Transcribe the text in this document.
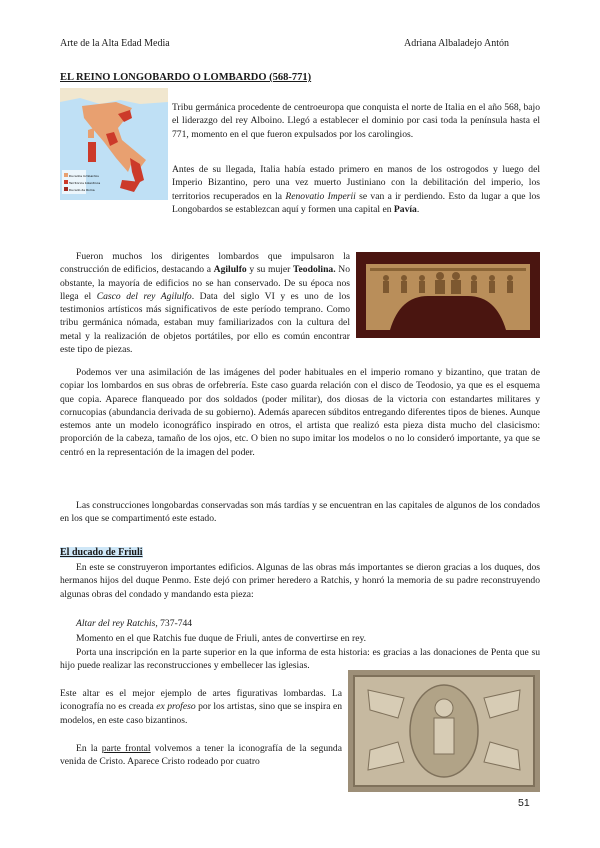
Arte de la Alta Edad Media	Adriana Albaladejo Antón
EL REINO LONGOBARDO O LOMBARDO (568-771)
Ducados lombardos
Territorios bizantinos
Ducado de Roma

Tribu germánica procedente de centroeuropa que conquista el norte de Italia en el año 568, bajo el liderazgo del rey Alboino. Llegó a establecer el dominio por casi toda la península hasta el 771, momento en el que fueron expulsados por los carolingios.

Antes de su llegada, Italia había estado primero en manos de los ostrogodos y luego del Imperio Bizantino, pero una vez muerto Justiniano con la debilitación del imperio, los territorios recuperados en la Renovatio Imperii se van a ir perdiendo. Esto da lugar a que los Longobardos se establezcan aquí y formen una capital en Pavía.

Fueron muchos los dirigentes lombardos que impulsaron la construcción de edificios, destacando a Agilulfo y su mujer Teodolina. No obstante, la mayoría de edificios no se han conservado. De su época nos llega el Casco del rey Agilulfo. Data del siglo VI y es uno de los testimonios artísticos más significativos de este período temprano. Como tribu germánica nómada, estaban muy familiarizados con la cultura del metal y la realización de objetos portátiles, por ello es común encontrar este tipo de piezas.

Podemos ver una asimilación de las imágenes del poder habituales en el imperio romano y bizantino, que tratan de copiar los lombardos en sus obras de orfebrería. Este caso guarda relación con el disco de Teodosio, ya que es el esquema que copia. Aparece flanqueado por dos soldados (poder militar), dos diosas de la victoria con estandartes militares y cornucopias (abundancia derivada de su gobierno). Además aparecen súbditos entregando diferentes tipos de bienes. Aunque estemos ante un modelo iconográfico inspirado en otros, el artista que realizó esta pieza dista mucho del clasicismo: proporción de la cabeza, tamaño de los ojos, etc. O bien no supo imitar los modelos o no lo consideró importante, ya que se centró en la representación de la imagen del poder.

Las construcciones longobardas conservadas son más tardías y se encuentran en las capitales de algunos de los condados en los que se compartimentó este estado.

El ducado de Friuli

En este se construyeron importantes edificios. Algunas de las obras más importantes se dieron gracias a los duques, dos hermanos hijos del duque Penmo. Este dejó con primer heredero a Ratchis, y honró la memoria de su padre reconstruyendo algunas obras del condado y mandando esta pieza:

Altar del rey Ratchis, 737-744

Momento en el que Ratchis fue duque de Friuli, antes de convertirse en rey.

Porta una inscripción en la parte superior en la que informa de esta historia: es gracias a las donaciones de Penta que su hijo puede realizar las reconstrucciones y embellecer las iglesias.

Este altar es el mejor ejemplo de artes figurativas lombardas. La iconografía no es creada ex profeso por los artistas, sino que se inspira en modelos, en este caso bizantinos.

En la parte frontal volvemos a tener la iconografía de la segunda venida de Cristo. Aparece Cristo rodeado por cuatro

51
